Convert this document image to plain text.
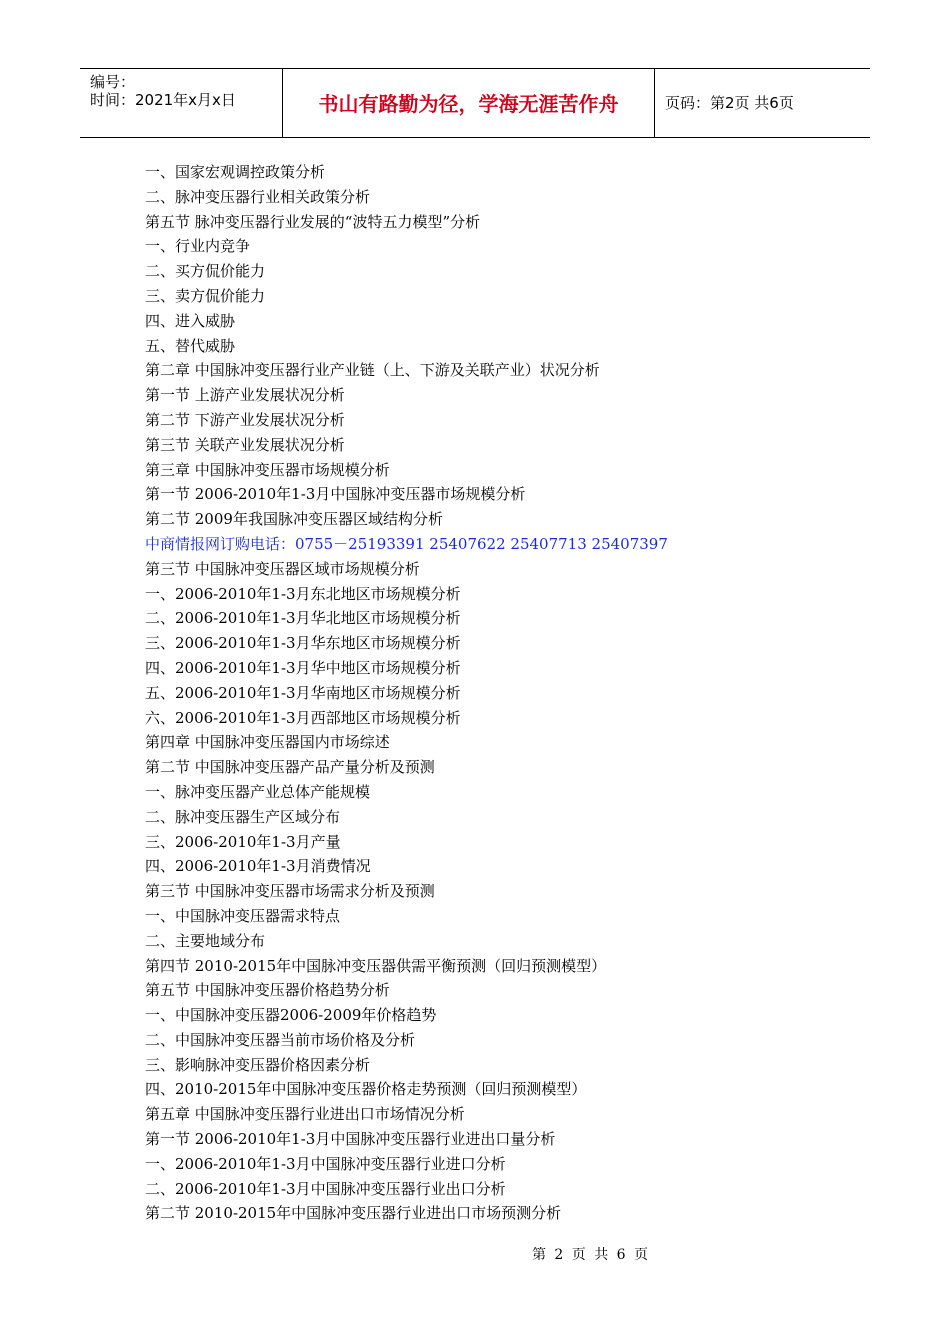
编号：
时间：2021年x月x日	书山有路勤为径，学海无涯苦作舟	页码：第2页 共6页
一、国家宏观调控政策分析
二、脉冲变压器行业相关政策分析
第五节 脉冲变压器行业发展的“波特五力模型”分析
一、行业内竞争
二、买方侃价能力
三、卖方侃价能力
四、进入威胁
五、替代威胁
第二章 中国脉冲变压器行业产业链（上、下游及关联产业）状况分析
第一节 上游产业发展状况分析
第二节 下游产业发展状况分析
第三节 关联产业发展状况分析
第三章 中国脉冲变压器市场规模分析
第一节 2006-2010年1-3月中国脉冲变压器市场规模分析
第二节 2009年我国脉冲变压器区域结构分析
中商情报网订购电话：0755－25193391 25407622 25407713 25407397
第三节 中国脉冲变压器区域市场规模分析
一、2006-2010年1-3月东北地区市场规模分析
二、2006-2010年1-3月华北地区市场规模分析
三、2006-2010年1-3月华东地区市场规模分析
四、2006-2010年1-3月华中地区市场规模分析
五、2006-2010年1-3月华南地区市场规模分析
六、2006-2010年1-3月西部地区市场规模分析
第四章 中国脉冲变压器国内市场综述
第二节 中国脉冲变压器产品产量分析及预测
一、脉冲变压器产业总体产能规模
二、脉冲变压器生产区域分布
三、2006-2010年1-3月产量
四、2006-2010年1-3月消费情况
第三节 中国脉冲变压器市场需求分析及预测
一、中国脉冲变压器需求特点
二、主要地域分布
第四节 2010-2015年中国脉冲变压器供需平衡预测（回归预测模型）
第五节 中国脉冲变压器价格趋势分析
一、中国脉冲变压器2006-2009年价格趋势
二、中国脉冲变压器当前市场价格及分析
三、影响脉冲变压器价格因素分析
四、2010-2015年中国脉冲变压器价格走势预测（回归预测模型）
第五章 中国脉冲变压器行业进出口市场情况分析
第一节 2006-2010年1-3月中国脉冲变压器行业进出口量分析
一、2006-2010年1-3月中国脉冲变压器行业进口分析
二、2006-2010年1-3月中国脉冲变压器行业出口分析
第二节 2010-2015年中国脉冲变压器行业进出口市场预测分析
第 2 页 共 6 页
